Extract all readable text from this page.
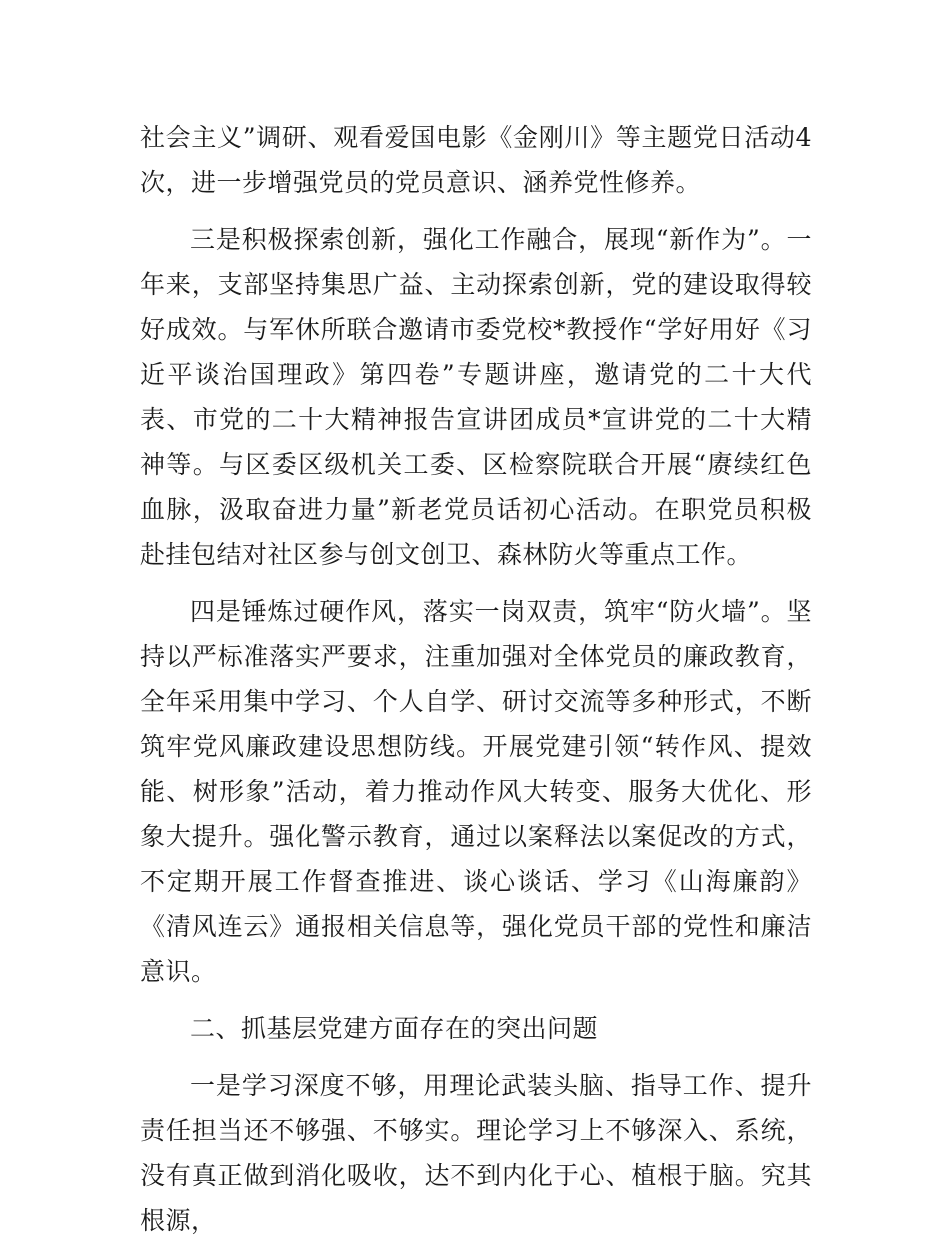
社会主义”调研、观看爱国电影《金刚川》等主题党日活动4次，进一步增强党员的党员意识、涵养党性修养。

三是积极探索创新，强化工作融合，展现“新作为”。一年来，支部坚持集思广益、主动探索创新，党的建设取得较好成效。与军休所联合邀请市委党校*教授作“学好用好《习近平谈治国理政》第四卷”专题讲座，邀请党的二十大代表、市党的二十大精神报告宣讲团成员*宣讲党的二十大精神等。与区委区级机关工委、区检察院联合开展“赓续红色血脉，汲取奋进力量”新老党员话初心活动。在职党员积极赴挂包结对社区参与创文创卫、森林防火等重点工作。

四是锤炼过硬作风，落实一岗双责，筑牢“防火墙”。坚持以严标准落实严要求，注重加强对全体党员的廉政教育，全年采用集中学习、个人自学、研讨交流等多种形式，不断筑牢党风廉政建设思想防线。开展党建引领“转作风、提效能、树形象”活动，着力推动作风大转变、服务大优化、形象大提升。强化警示教育，通过以案释法以案促改的方式，不定期开展工作督查推进、谈心谈话、学习《山海廉韵》《清风连云》通报相关信息等，强化党员干部的党性和廉洁意识。

二、抓基层党建方面存在的突出问题

一是学习深度不够，用理论武装头脑、指导工作、提升责任担当还不够强、不够实。理论学习上不够深入、系统，没有真正做到消化吸收，达不到内化于心、植根于脑。究其根源，
